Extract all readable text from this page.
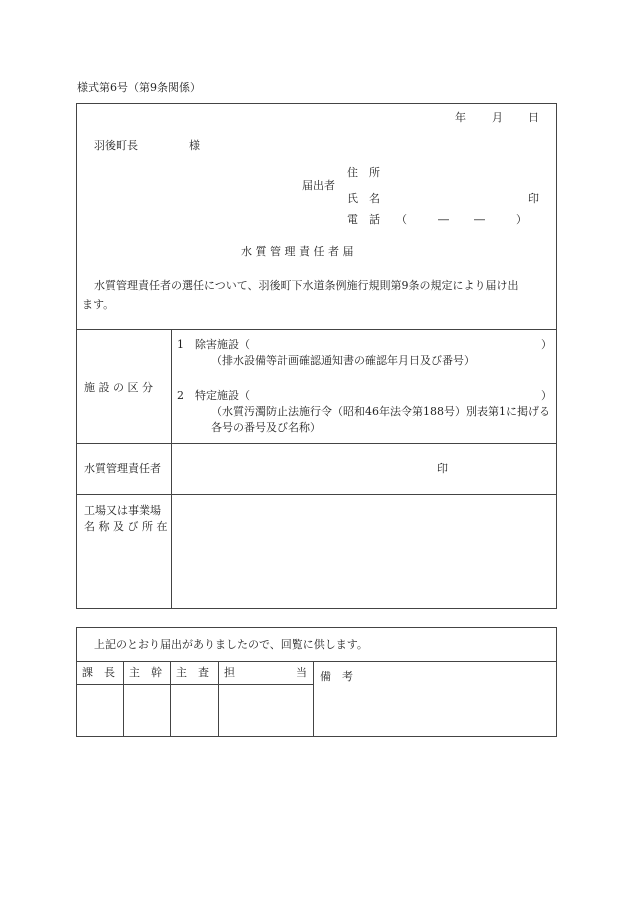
様式第6号（第9条関係）
年 月 日
羽後町長	様
届出者
住　所
氏　名	印
電　話 （	― ―	）
水 質 管 理 責 任 者 届
水質管理責任者の選任について、羽後町下水道条例施行規則第9条の規定により届け出
ます。
施 設 の 区 分
1　除害施設（	）
（排水設備等計画確認通知書の確認年月日及び番号）
2　特定施設（	）
（水質汚濁防止法施行令（昭和46年法令第188号）別表第1に掲げる
各号の番号及び名称）
水質管理責任者	印
工場又は事業場
名 称 及 び 所 在
上記のとおり届出がありましたので、回覧に供します。
課　長 主　幹 主　査 担	当 備　考
